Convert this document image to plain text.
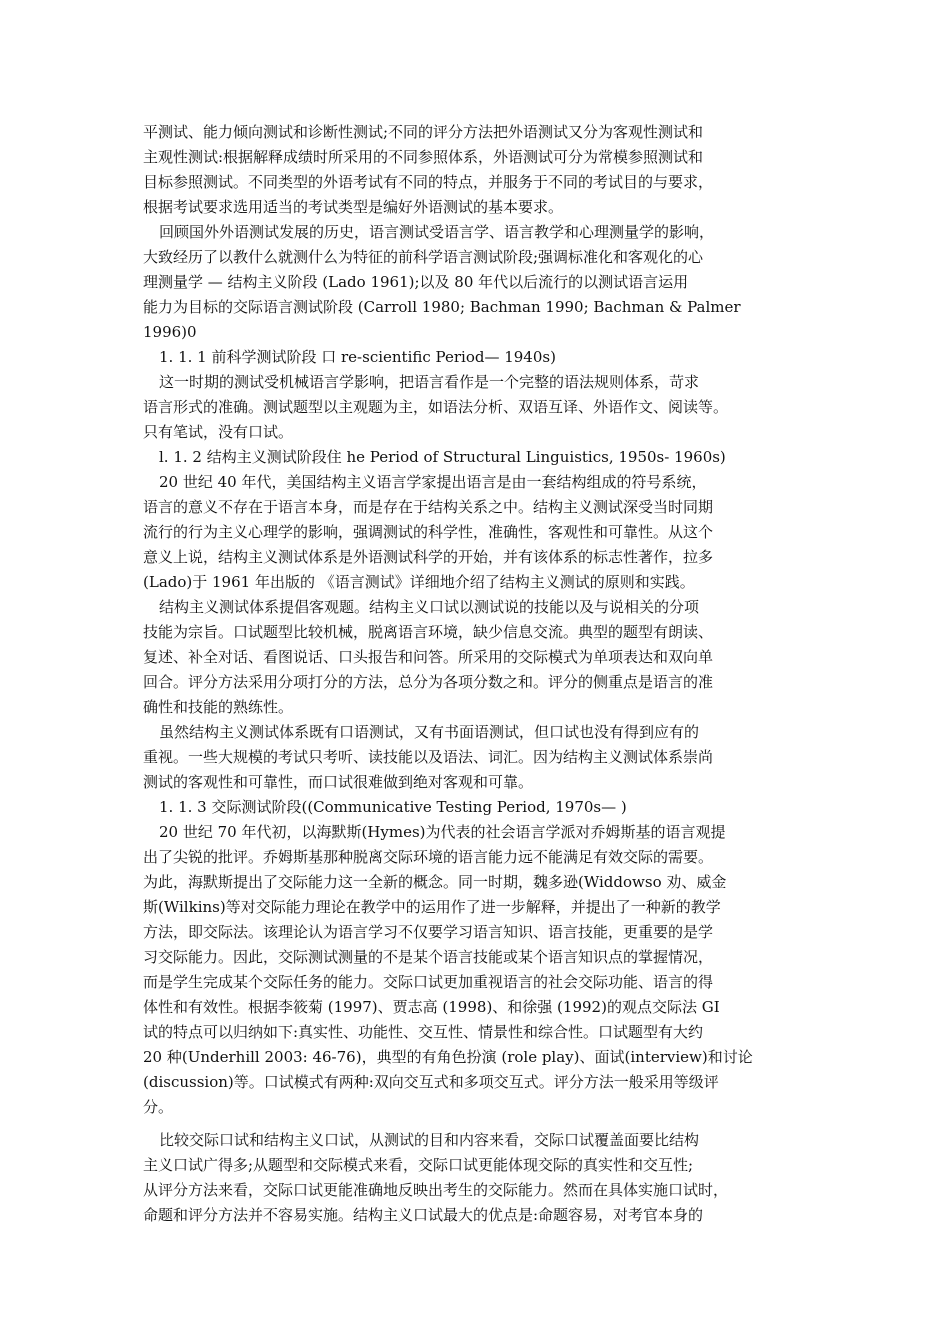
平测试、能力倾向测试和诊断性测试;不同的评分方法把外语测试又分为客观性测试和
主观性测试:根据解释成绩时所采用的不同参照体系，外语测试可分为常模参照测试和
目标参照测试。不同类型的外语考试有不同的特点，并服务于不同的考试目的与要求，
根据考试要求选用适当的考试类型是编好外语测试的基本要求。
回顾国外外语测试发展的历史，语言测试受语言学、语言教学和心理测量学的影响，
大致经历了以教什么就测什么为特征的前科学语言测试阶段;强调标准化和客观化的心
理测量学 — 结构主义阶段 (Lado 1961);以及 80 年代以后流行的以测试语言运用
能力为目标的交际语言测试阶段 (Carroll 1980; Bachman 1990; Bachman & Palmer
1996)0
1. 1. 1 前科学测试阶段 口 re-scientific Period— 1940s)
这一时期的测试受机械语言学影响，把语言看作是一个完整的语法规则体系，苛求
语言形式的准确。测试题型以主观题为主，如语法分析、双语互译、外语作文、阅读等。
只有笔试，没有口试。
l. 1. 2 结构主义测试阶段住 he Period of Structural Linguistics, 1950s- 1960s)
20 世纪 40 年代，美国结构主义语言学家提出语言是由一套结构组成的符号系统，
语言的意义不存在于语言本身，而是存在于结构关系之中。结构主义测试深受当时同期
流行的行为主义心理学的影响，强调测试的科学性，准确性，客观性和可靠性。从这个
意义上说，结构主义测试体系是外语测试科学的开始，并有该体系的标志性著作，拉多
(Lado)于 1961 年出版的 《语言测试》详细地介绍了结构主义测试的原则和实践。
结构主义测试体系提倡客观题。结构主义口试以测试说的技能以及与说相关的分项
技能为宗旨。口试题型比较机械，脱离语言环境，缺少信息交流。典型的题型有朗读、
复述、补全对话、看图说话、口头报告和问答。所采用的交际模式为单项表达和双向单
回合。评分方法采用分项打分的方法，总分为各项分数之和。评分的侧重点是语言的准
确性和技能的熟练性。
虽然结构主义测试体系既有口语测试，又有书面语测试，但口试也没有得到应有的
重视。一些大规模的考试只考听、读技能以及语法、词汇。因为结构主义测试体系崇尚
测试的客观性和可靠性，而口试很难做到绝对客观和可靠。
1. 1. 3 交际测试阶段((Communicative Testing Period, 1970s— )
20 世纪 70 年代初，以海默斯(Hymes)为代表的社会语言学派对乔姆斯基的语言观提
出了尖锐的批评。乔姆斯基那种脱离交际环境的语言能力远不能满足有效交际的需要。
为此，海默斯提出了交际能力这一全新的概念。同一时期，魏多逊(Widdowso 劝、威金
斯(Wilkins)等对交际能力理论在教学中的运用作了进一步解释，并提出了一种新的教学
方法，即交际法。该理论认为语言学习不仅要学习语言知识、语言技能，更重要的是学
习交际能力。因此，交际测试测量的不是某个语言技能或某个语言知识点的掌握情况，
而是学生完成某个交际任务的能力。交际口试更加重视语言的社会交际功能、语言的得
体性和有效性。根据李筱菊 (1997)、贾志高 (1998)、和徐强 (1992)的观点交际法 GI
试的特点可以归纳如下:真实性、功能性、交互性、情景性和综合性。口试题型有大约
20 种(Underhill 2003: 46-76)，典型的有角色扮演 (role play)、面试(interview)和讨论
(discussion)等。口试模式有两种:双向交互式和多项交互式。评分方法一般采用等级评
分。
比较交际口试和结构主义口试，从测试的目和内容来看，交际口试覆盖面要比结构
主义口试广得多;从题型和交际模式来看，交际口试更能体现交际的真实性和交互性;
从评分方法来看，交际口试更能准确地反映出考生的交际能力。然而在具体实施口试时，
命题和评分方法并不容易实施。结构主义口试最大的优点是:命题容易，对考官本身的
